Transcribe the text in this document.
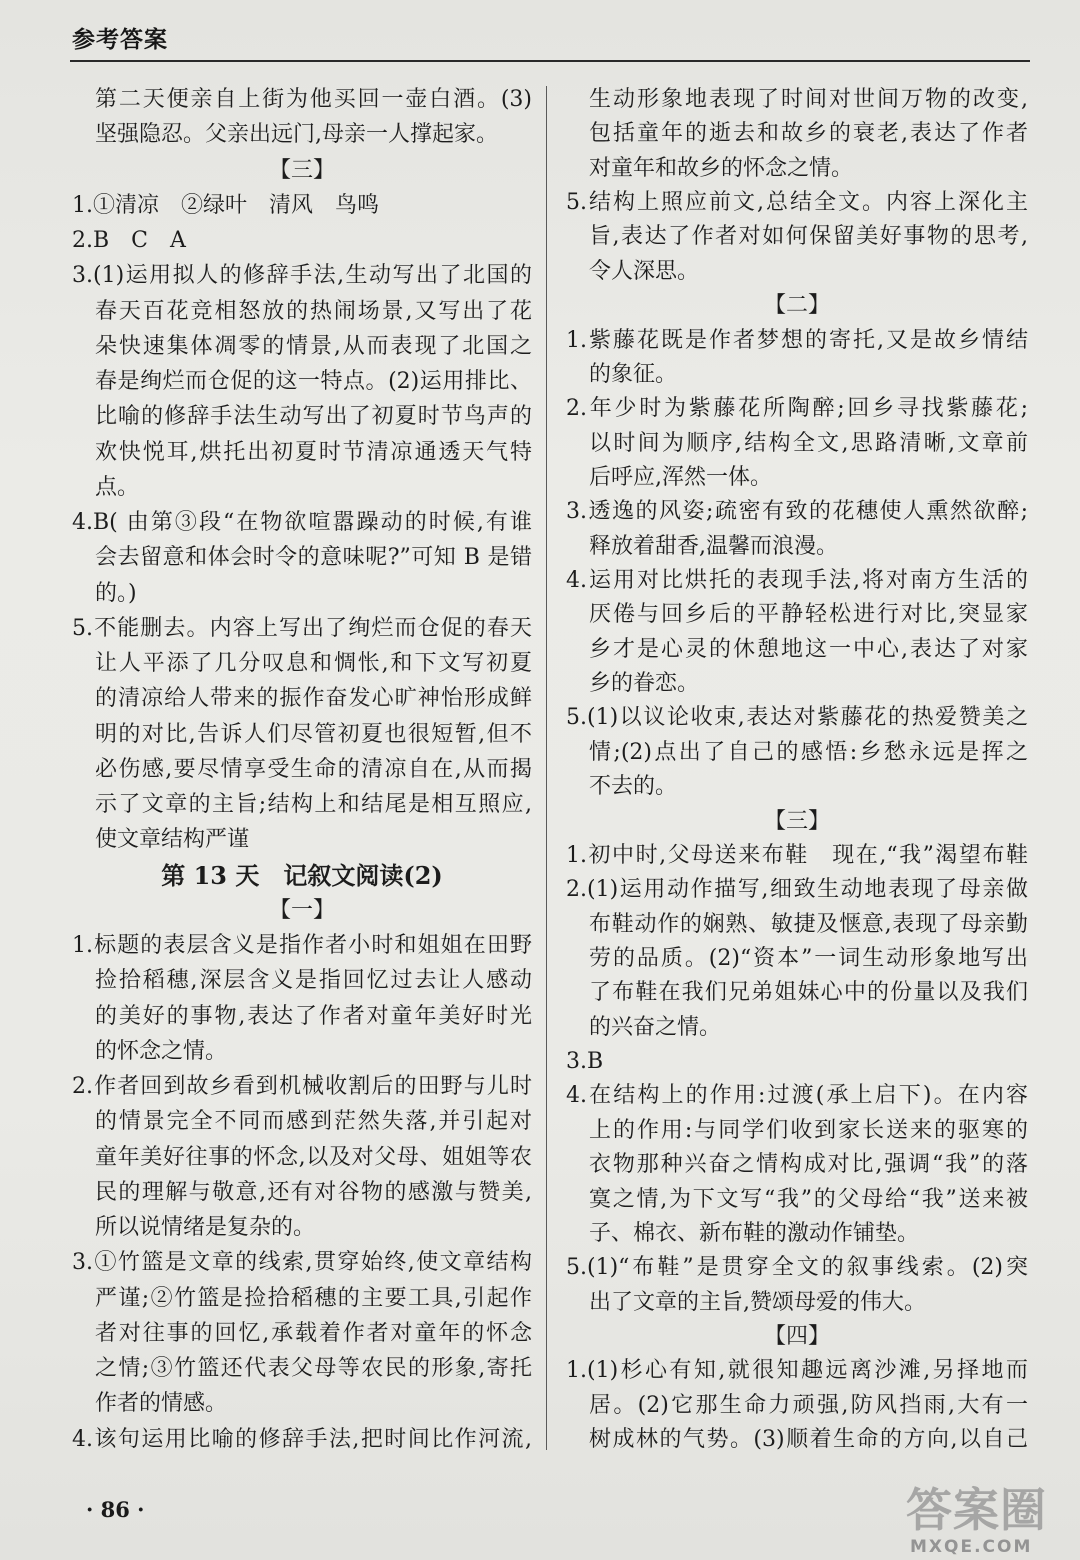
参考答案
第二天便亲自上街为他买回一壶白酒。(3)
坚强隐忍。父亲出远门,母亲一人撑起家。
【三】
1.①清凉　②绿叶　清风　鸟鸣
2.B　C　A
3.(1)运用拟人的修辞手法,生动写出了北国的
春天百花竞相怒放的热闹场景,又写出了花
朵快速集体凋零的情景,从而表现了北国之
春是绚烂而仓促的这一特点。(2)运用排比、
比喻的修辞手法生动写出了初夏时节鸟声的
欢快悦耳,烘托出初夏时节清凉通透天气特
点。
4.B( 由第③段“在物欲喧嚣躁动的时候,有谁
会去留意和体会时令的意味呢?”可知 B 是错
的。)
5.不能删去。内容上写出了绚烂而仓促的春天
让人平添了几分叹息和惆怅,和下文写初夏
的清凉给人带来的振作奋发心旷神怡形成鲜
明的对比,告诉人们尽管初夏也很短暂,但不
必伤感,要尽情享受生命的清凉自在,从而揭
示了文章的主旨;结构上和结尾是相互照应,
使文章结构严谨
第 13 天　记叙文阅读(2)
【一】
1.标题的表层含义是指作者小时和姐姐在田野
捡拾稻穗,深层含义是指回忆过去让人感动
的美好的事物,表达了作者对童年美好时光
的怀念之情。
2.作者回到故乡看到机械收割后的田野与儿时
的情景完全不同而感到茫然失落,并引起对
童年美好往事的怀念,以及对父母、姐姐等农
民的理解与敬意,还有对谷物的感激与赞美,
所以说情绪是复杂的。
3.①竹篮是文章的线索,贯穿始终,使文章结构
严谨;②竹篮是捡拾稻穗的主要工具,引起作
者对往事的回忆,承载着作者对童年的怀念
之情;③竹篮还代表父母等农民的形象,寄托
作者的情感。
4.该句运用比喻的修辞手法,把时间比作河流,
生动形象地表现了时间对世间万物的改变,
包括童年的逝去和故乡的衰老,表达了作者
对童年和故乡的怀念之情。
5.结构上照应前文,总结全文。内容上深化主
旨,表达了作者对如何保留美好事物的思考,
令人深思。
【二】
1.紫藤花既是作者梦想的寄托,又是故乡情结
的象征。
2.年少时为紫藤花所陶醉;回乡寻找紫藤花;
以时间为顺序,结构全文,思路清晰,文章前
后呼应,浑然一体。
3.透逸的风姿;疏密有致的花穗使人熏然欲醉;
释放着甜香,温馨而浪漫。
4.运用对比烘托的表现手法,将对南方生活的
厌倦与回乡后的平静轻松进行对比,突显家
乡才是心灵的休憩地这一中心,表达了对家
乡的眷恋。
5.(1)以议论收束,表达对紫藤花的热爱赞美之
情;(2)点出了自己的感悟:乡愁永远是挥之
不去的。
【三】
1.初中时,父母送来布鞋　现在,“我”渴望布鞋
2.(1)运用动作描写,细致生动地表现了母亲做
布鞋动作的娴熟、敏捷及惬意,表现了母亲勤
劳的品质。(2)“资本”一词生动形象地写出
了布鞋在我们兄弟姐妹心中的份量以及我们
的兴奋之情。
3.B
4.在结构上的作用:过渡(承上启下)。在内容
上的作用:与同学们收到家长送来的驱寒的
衣物那种兴奋之情构成对比,强调“我”的落
寞之情,为下文写“我”的父母给“我”送来被
子、棉衣、新布鞋的激动作铺垫。
5.(1)“布鞋”是贯穿全文的叙事线索。(2)突
出了文章的主旨,赞颂母爱的伟大。
【四】
1.(1)杉心有知,就很知趣远离沙滩,另择地而
居。(2)它那生命力顽强,防风挡雨,大有一
树成林的气势。(3)顺着生命的方向,以自己
· 86 ·	答案圈
MXQE.COM
